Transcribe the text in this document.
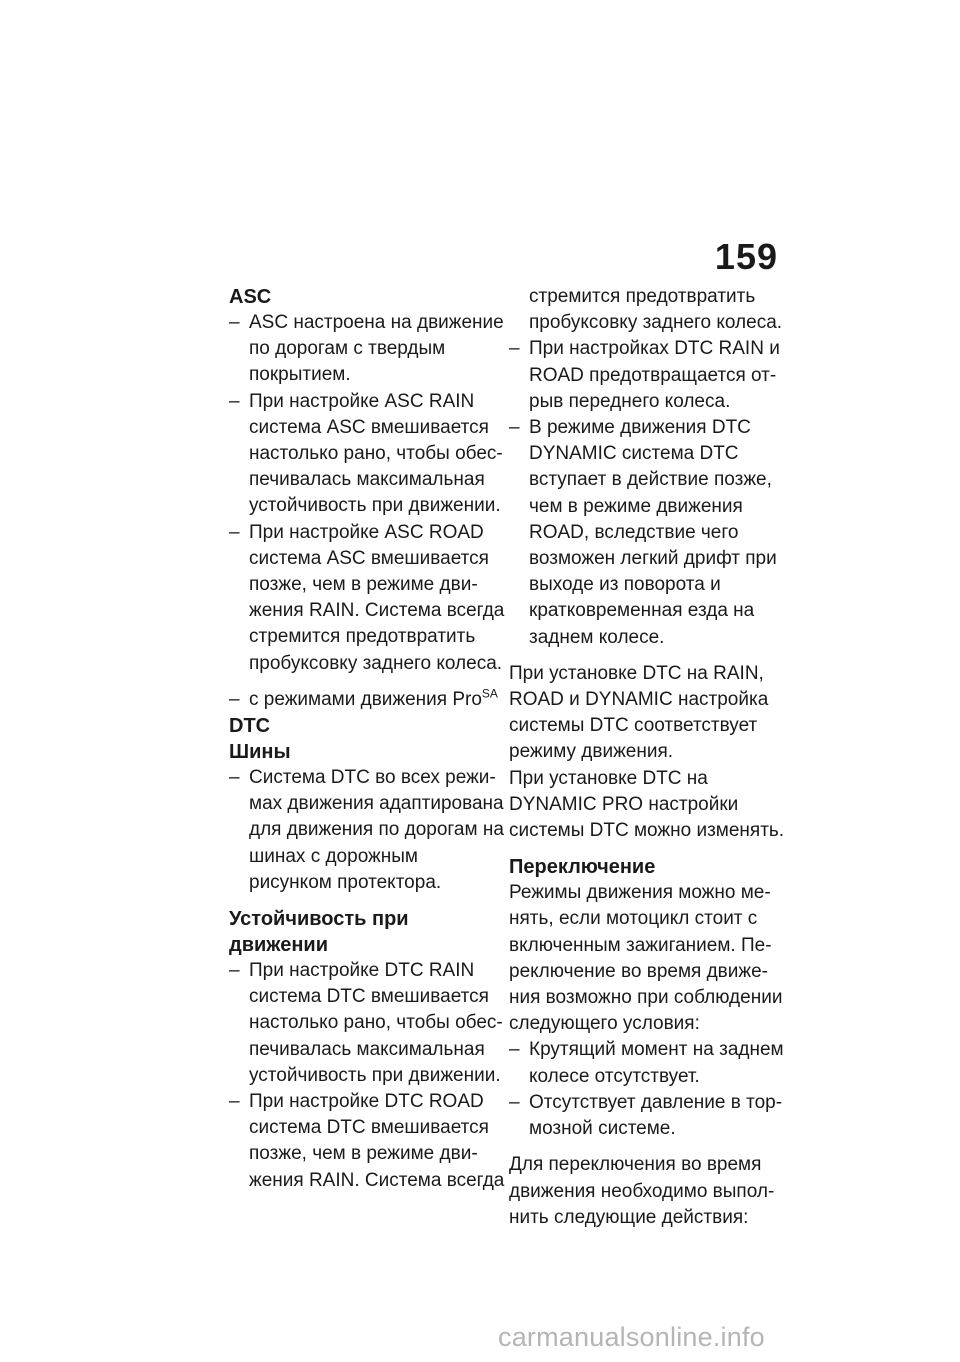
159

ASC

– ASC настроена на движение по дорогам с твердым покрытием.
– При настройке ASC RAIN система ASC вмешивается настолько рано, чтобы обеспечивалась максимальная устойчивость при движении.
– При настройке ASC ROAD система ASC вмешивается позже, чем в режиме движения RAIN. Система всегда стремится предотвратить пробуксовку заднего колеса.
– с режимами движения Pro$^{SA}$

DTC

Шины

– Система DTC во всех режимах движения адаптирована для движения по дорогам на шинах с дорожным рисунком протектора.

Устойчивость при движении

– При настройке DTC RAIN система DTC вмешивается настолько рано, чтобы обеспечивалась максимальная устойчивость при движении.
– При настройке DTC ROAD система DTC вмешивается позже, чем в режиме движения RAIN. Система всегда

стремится предотвратить пробуксовку заднего колеса.

– При настройках DTC RAIN и ROAD предотвращается отрыв переднего колеса.
– В режиме движения DTC DYNAMIC система DTC вступает в действие позже, чем в режиме движения ROAD, вследствие чего возможен легкий дрифт при выходе из поворота и кратковременная езда на заднем колесе.

При установке DTC на RAIN, ROAD и DYNAMIC настройка системы DTC соответствует режиму движения.

При установке DTC на DYNAMIC PRO настройки системы DTC можно изменять.

Переключение

Режимы движения можно менять, если мотоцикл стоит с включенным зажиганием. Переключение во время движения возможно при соблюдении следующего условия:

– Крутящий момент на заднем колесе отсутствует.
– Отсутствует давление в тормозной системе.

Для переключения во время движения необходимо выполнить следующие действия:

carmanualsonline.info
